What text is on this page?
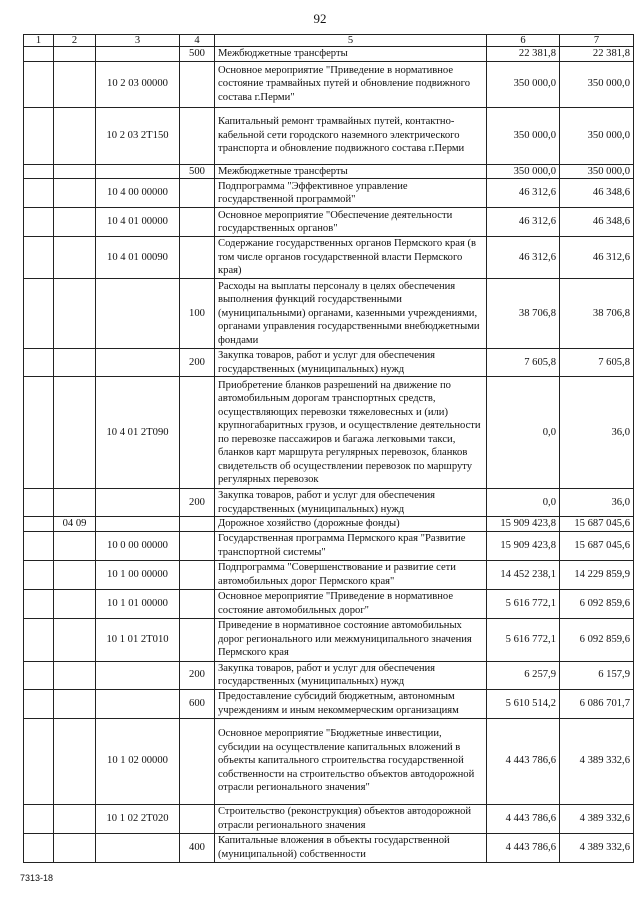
92
1	2	3	4	5	6	7
			500	Межбюджетные трансферты	22 381,8	22 381,8
		10 2 03 00000		Основное мероприятие "Приведение в нормативное состояние трамвайных путей и обновление подвижного состава г.Перми"	350 000,0	350 000,0
		10 2 03 2Т150		Капитальный ремонт трамвайных путей, контактно-кабельной сети городского наземного электрического транспорта и обновление подвижного состава г.Перми	350 000,0	350 000,0
			500	Межбюджетные трансферты	350 000,0	350 000,0
		10 4 00 00000		Подпрограмма "Эффективное управление государственной программой"	46 312,6	46 348,6
		10 4 01 00000		Основное мероприятие "Обеспечение деятельности государственных органов"	46 312,6	46 348,6
		10 4 01 00090		Содержание государственных органов Пермского края (в том числе органов государственной власти Пермского края)	46 312,6	46 312,6
			100	Расходы на выплаты персоналу в целях обеспечения выполнения функций государственными (муниципальными) органами, казенными учреждениями, органами управления государственными внебюджетными фондами	38 706,8	38 706,8
			200	Закупка товаров, работ и услуг для обеспечения государственных (муниципальных) нужд	7 605,8	7 605,8
		10 4 01 2Т090		Приобретение бланков разрешений на движение по автомобильным дорогам транспортных средств, осуществляющих перевозки тяжеловесных и (или) крупногабаритных грузов, и осуществление деятельности по перевозке пассажиров и багажа легковыми такси, бланков карт маршрута регулярных перевозок, бланков свидетельств об осуществлении перевозок по маршруту регулярных перевозок	0,0	36,0
			200	Закупка товаров, работ и услуг для обеспечения государственных (муниципальных) нужд	0,0	36,0
	04 09			Дорожное хозяйство (дорожные фонды)	15 909 423,8	15 687 045,6
		10 0 00 00000		Государственная программа Пермского края "Развитие транспортной системы"	15 909 423,8	15 687 045,6
		10 1 00 00000		Подпрограмма "Совершенствование и развитие сети автомобильных дорог Пермского края"	14 452 238,1	14 229 859,9
		10 1 01 00000		Основное мероприятие "Приведение в нормативное состояние автомобильных дорог"	5 616 772,1	6 092 859,6
		10 1 01 2Т010		Приведение в нормативное состояние автомобильных дорог регионального или межмуниципального значения Пермского края	5 616 772,1	6 092 859,6
			200	Закупка товаров, работ и услуг для обеспечения государственных (муниципальных) нужд	6 257,9	6 157,9
			600	Предоставление субсидий бюджетным, автономным учреждениям и иным некоммерческим организациям	5 610 514,2	6 086 701,7
		10 1 02 00000		Основное мероприятие "Бюджетные инвестиции, субсидии на осуществление капитальных вложений в объекты капитального строительства государственной собственности на строительство объектов автодорожной отрасли регионального значения"	4 443 786,6	4 389 332,6
		10 1 02 2Т020		Строительство (реконструкция) объектов автодорожной отрасли регионального значения	4 443 786,6	4 389 332,6
			400	Капитальные вложения в объекты государственной (муниципальной) собственности	4 443 786,6	4 389 332,6
7313-18
